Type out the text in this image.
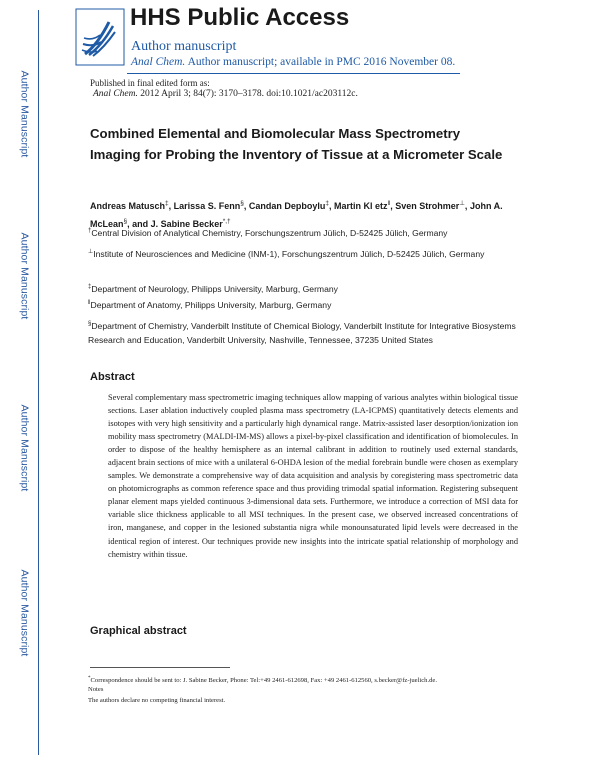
HHS Public Access
Author manuscript
Anal Chem. Author manuscript; available in PMC 2016 November 08.
Author Manuscript
Author Manuscript
Author Manuscript
Author Manuscript
Published in final edited form as:
Anal Chem. 2012 April 3; 84(7): 3170–3178. doi:10.1021/ac203112c.
Combined Elemental and Biomolecular Mass Spectrometry Imaging for Probing the Inventory of Tissue at a Micrometer Scale
Andreas Matusch‡, Larissa S. Fenn§, Candan Depboylu‡, Martin Kl etz‖, Sven Strohmer⊥, John A. McLean§, and J. Sabine Becker*,†
†Central Division of Analytical Chemistry, Forschungszentrum Jülich, D-52425 Jülich, Germany
⊥Institute of Neurosciences and Medicine (INM-1), Forschungszentrum Jülich, D-52425 Jülich, Germany
‡Department of Neurology, Philipps University, Marburg, Germany
‖Department of Anatomy, Philipps University, Marburg, Germany
§Department of Chemistry, Vanderbilt Institute of Chemical Biology, Vanderbilt Institute for Integrative Biosystems Research and Education, Vanderbilt University, Nashville, Tennessee, 37235 United States
Abstract
Several complementary mass spectrometric imaging techniques allow mapping of various analytes within biological tissue sections. Laser ablation inductively coupled plasma mass spectrometry (LA-ICPMS) quantitatively detects elements and isotopes with very high sensitivity and a particularly high dynamical range. Matrix-assisted laser desorption/ionization ion mobility mass spectrometry (MALDI-IM-MS) allows a pixel-by-pixel classification and identification of biomolecules. In order to dispose of the healthy hemisphere as an internal calibrant in addition to routinely used external standards, adjacent brain sections of mice with a unilateral 6-OHDA lesion of the medial forebrain bundle were chosen as exemplary samples. We demonstrate a comprehensive way of data acquisition and analysis by coregistering mass spectrometric data on photomicrographs as common reference space and thus providing trimodal spatial information. Registering subsequent planar element maps yielded continuous 3-dimensional data sets. Furthermore, we introduce a correction of MSI data for variable slice thickness applicable to all MSI techniques. In the present case, we observed increased concentrations of iron, manganese, and copper in the lesioned substantia nigra while monounsaturated lipid levels were decreased in the identical region of interest. Our techniques provide new insights into the intricate spatial relationship of morphology and chemistry within tissue.
Graphical abstract
*Correspondence should be sent to: J. Sabine Becker, Phone: Tel:+49 2461-612698, Fax: +49 2461-612560, s.becker@fz-juelich.de.
Notes
The authors declare no competing financial interest.
